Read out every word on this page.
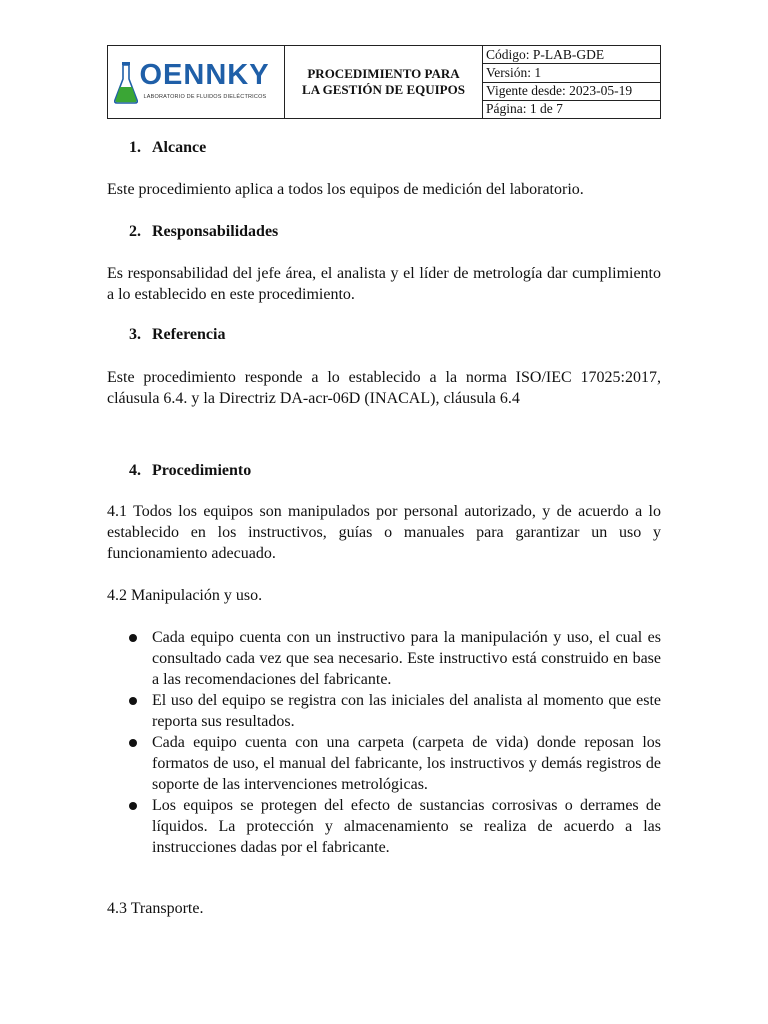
OENNKY
LABORATORIO DE FLUIDOS DIELÉCTRICOS
PROCEDIMIENTO PARA
LA GESTIÓN DE EQUIPOS
Código: P-LAB-GDE
Versión: 1
Vigente desde: 2023-05-19
Página: 1 de 7
1. Alcance
Este procedimiento aplica a todos los equipos de medición del laboratorio.
2. Responsabilidades
Es responsabilidad del jefe área, el analista y el líder de metrología dar cumplimiento a lo establecido en este procedimiento.
3. Referencia
Este procedimiento responde a lo establecido a la norma ISO/IEC 17025:2017, cláusula 6.4. y la Directriz DA-acr-06D (INACAL), cláusula 6.4
4. Procedimiento
4.1 Todos los equipos son manipulados por personal autorizado, y de acuerdo a lo establecido en los instructivos, guías o manuales para garantizar un uso y funcionamiento adecuado.
4.2 Manipulación y uso.
Cada equipo cuenta con un instructivo para la manipulación y uso, el cual es consultado cada vez que sea necesario. Este instructivo está construido en base a las recomendaciones del fabricante.
El uso del equipo se registra con las iniciales del analista al momento que este reporta sus resultados.
Cada equipo cuenta con una carpeta (carpeta de vida) donde reposan los formatos de uso, el manual del fabricante, los instructivos y demás registros de soporte de las intervenciones metrológicas.
Los equipos se protegen del efecto de sustancias corrosivas o derrames de líquidos. La protección y almacenamiento se realiza de acuerdo a las instrucciones dadas por el fabricante.
4.3 Transporte.
